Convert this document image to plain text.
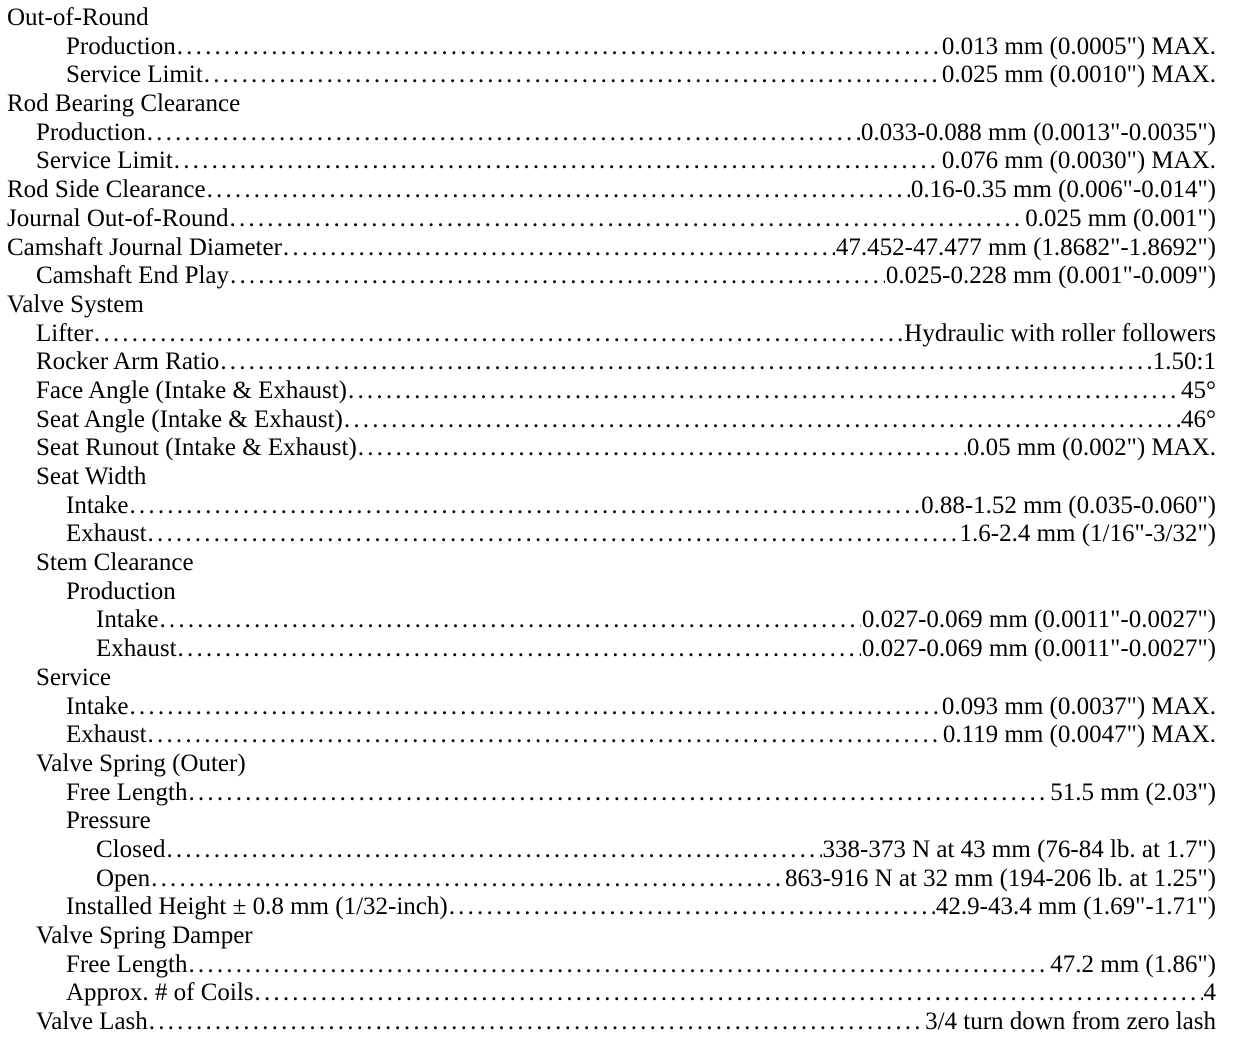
Out-of-Round
Production .....	0.013 mm (0.0005") MAX.
Service Limit .....	0.025 mm (0.0010") MAX.
Rod Bearing Clearance
Production .....	0.033-0.088 mm (0.0013"-0.0035")
Service Limit .....	0.076 mm (0.0030") MAX.
Rod Side Clearance .....	0.16-0.35 mm (0.006"-0.014")
Journal Out-of-Round .....	0.025 mm (0.001")
Camshaft Journal Diameter .....	47.452-47.477 mm (1.8682"-1.8692")
Camshaft End Play .....	0.025-0.228 mm (0.001"-0.009")
Valve System
Lifter .....	Hydraulic with roller followers
Rocker Arm Ratio .....	1.50:1
Face Angle (Intake & Exhaust) .....	45°
Seat Angle (Intake & Exhaust) .....	46°
Seat Runout (Intake & Exhaust) .....	0.05 mm (0.002") MAX.
Seat Width
Intake .....	0.88-1.52 mm (0.035-0.060")
Exhaust .....	1.6-2.4 mm (1/16"-3/32")
Stem Clearance
Production
Intake .....	0.027-0.069 mm (0.0011"-0.0027")
Exhaust .....	0.027-0.069 mm (0.0011"-0.0027")
Service
Intake .....	0.093 mm (0.0037") MAX.
Exhaust .....	0.119 mm (0.0047") MAX.
Valve Spring (Outer)
Free Length .....	51.5 mm (2.03")
Pressure
Closed .....	338-373 N at 43 mm (76-84 lb. at 1.7")
Open .....	863-916 N at 32 mm (194-206 lb. at 1.25")
Installed Height ± 0.8 mm (1/32-inch) .....	42.9-43.4 mm (1.69"-1.71")
Valve Spring Damper
Free Length .....	47.2 mm (1.86")
Approx. # of Coils .....	4
Valve Lash .....	3/4 turn down from zero lash
